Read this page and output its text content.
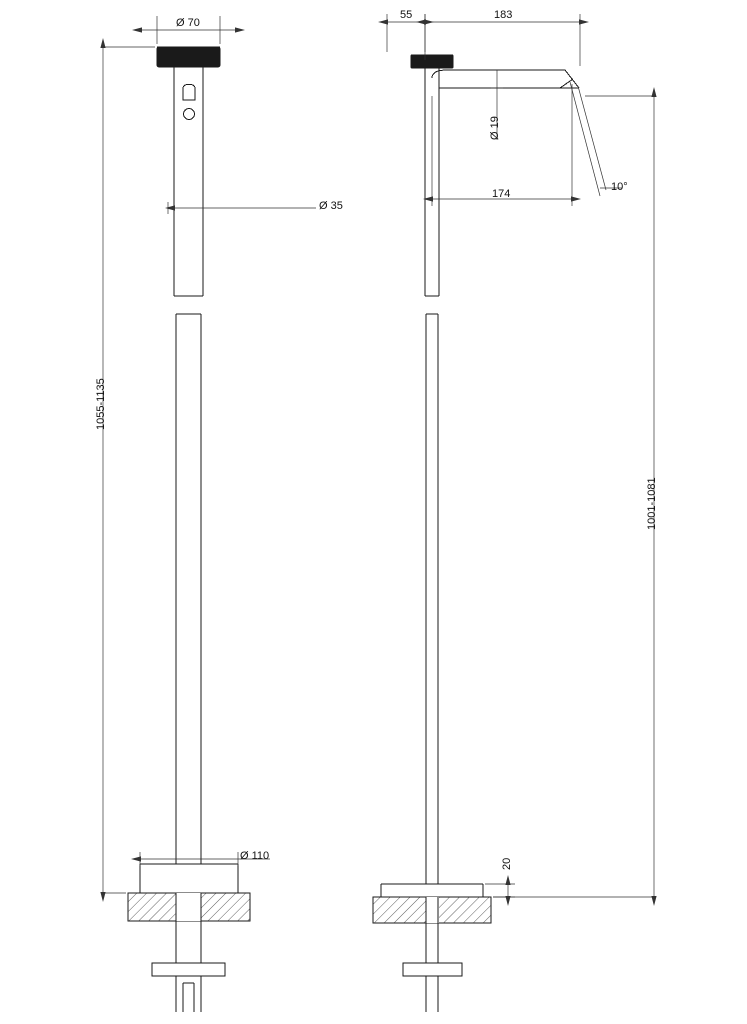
Ø 70
Ø 35
1055-1135
Ø 110
55	183
Ø 19
174
10°
1001-1081
20
